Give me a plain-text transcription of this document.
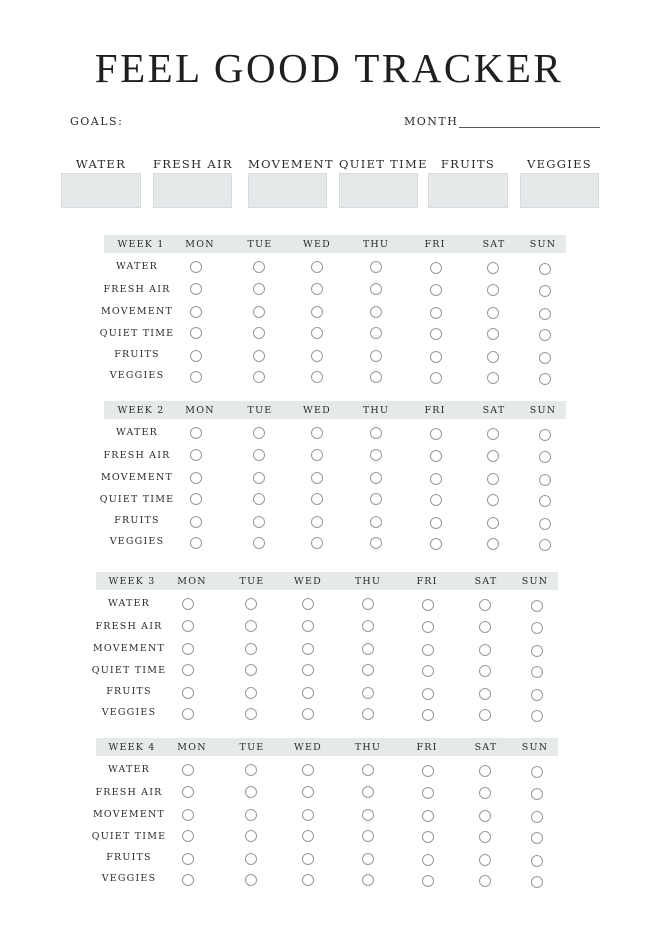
FEEL GOOD TRACKER
GOALS:	MONTH
WATER	FRESH AIR MOVEMENT QUIET TIME	FRUITS	VEGGIES
WEEK 1	MON	TUE	WED	THU	FRI	SAT	SUN
WATER
FRESH AIR
MOVEMENT
QUIET TIME
FRUITS
VEGGIES
WEEK 2	MON	TUE	WED	THU	FRI	SAT	SUN
WATER
FRESH AIR
MOVEMENT
QUIET TIME
FRUITS
VEGGIES
WEEK 3	MON	TUE	WED	THU	FRI	SAT	SUN
WATER
FRESH AIR
MOVEMENT
QUIET TIME
FRUITS
VEGGIES
WEEK 4	MON	TUE	WED	THU	FRI	SAT	SUN
WATER
FRESH AIR
MOVEMENT
QUIET TIME
FRUITS
VEGGIES
